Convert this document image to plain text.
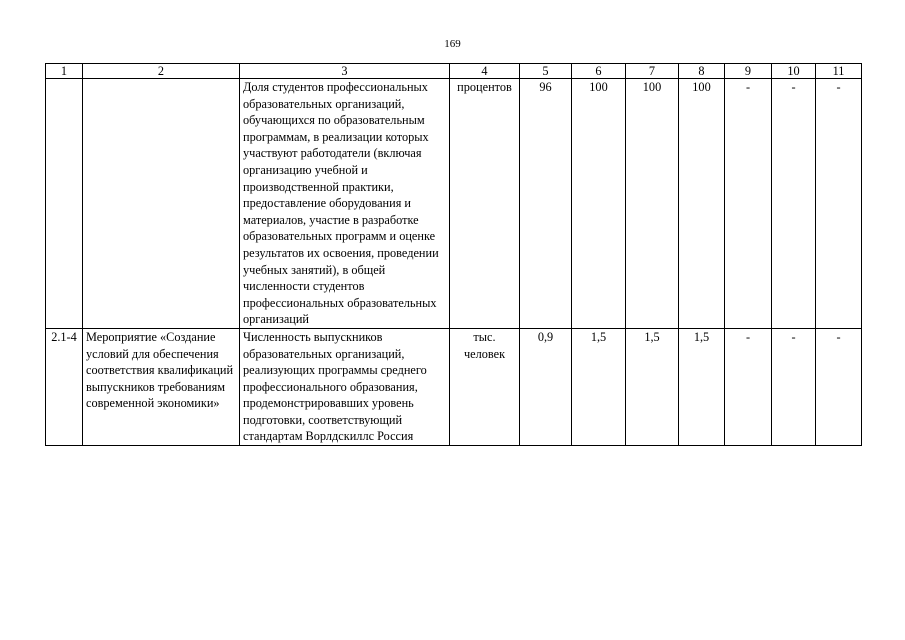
169
1	2	3	4	5	6	7	8	9	10	11
		Доля студентов профессиональных образовательных организаций, обучающихся по образовательным программам, в реализации которых участвуют работодатели (включая организацию учебной и производственной практики, предоставление оборудования и материалов, участие в разработке образовательных программ и оценке результатов их освоения, проведении учебных занятий), в общей численности студентов профессиональных образовательных организаций	процентов	96	100	100	100	-	-	-
2.1-4	Мероприятие «Создание условий для обеспечения соответствия квалификаций выпускников требованиям современной экономики»	Численность выпускников образовательных организаций, реализующих программы среднего профессионального образования, продемонстрировавших уровень подготовки, соответствующий стандартам Ворлдскиллс Россия	тыс. человек	0,9	1,5	1,5	1,5	-	-	-
